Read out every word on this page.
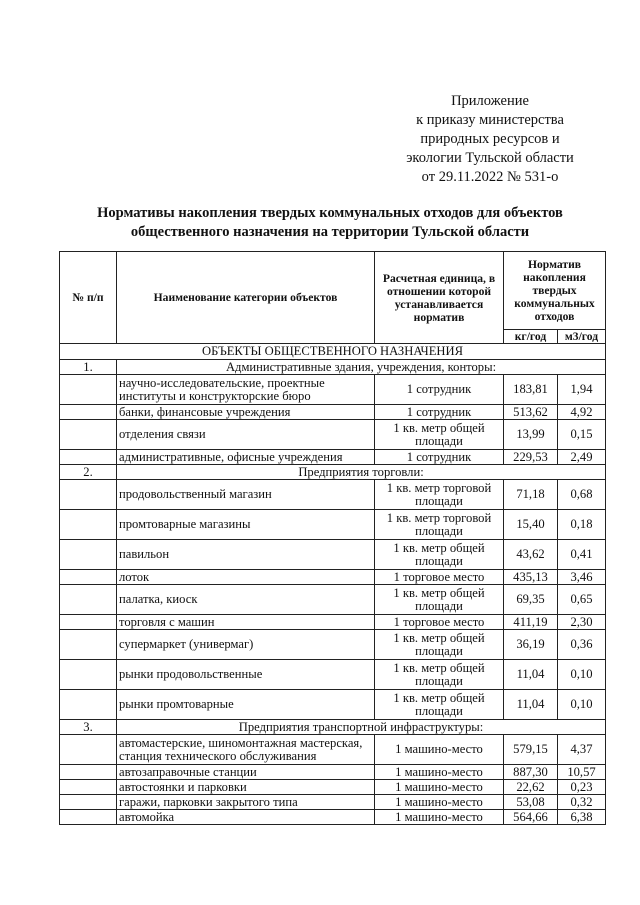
Приложение
к приказу министерства
природных ресурсов и
экологии Тульской области
от 29.11.2022 № 531-о
Нормативы накопления твердых коммунальных отходов для объектов
общественного назначения на территории Тульской области
№ п/п	Наименование категории объектов	Расчетная единица, в отношении которой устанавливается норматив	Норматив накопления твердых коммунальных отходов	
			кг/год	м3/год
ОБЪЕКТЫ ОБЩЕСТВЕННОГО НАЗНАЧЕНИЯ				
1.	Административные здания, учреждения, конторы:			
	научно-исследовательские, проектные институты и конструкторские бюро	1 сотрудник	183,81	1,94
	банки, финансовые учреждения	1 сотрудник	513,62	4,92
	отделения связи	1 кв. метр общей площади	13,99	0,15
	административные, офисные учреждения	1 сотрудник	229,53	2,49
2.	Предприятия торговли:			
	продовольственный магазин	1 кв. метр торговой площади	71,18	0,68
	промтоварные магазины	1 кв. метр торговой площади	15,40	0,18
	павильон	1 кв. метр общей площади	43,62	0,41
	лоток	1 торговое место	435,13	3,46
	палатка, киоск	1 кв. метр общей площади	69,35	0,65
	торговля с машин	1 торговое место	411,19	2,30
	супермаркет (универмаг)	1 кв. метр общей площади	36,19	0,36
	рынки продовольственные	1 кв. метр общей площади	11,04	0,10
	рынки промтоварные	1 кв. метр общей площади	11,04	0,10
3.	Предприятия транспортной инфраструктуры:			
	автомастерские, шиномонтажная мастерская, станция технического обслуживания	1 машино-место	579,15	4,37
	автозаправочные станции	1 машино-место	887,30	10,57
	автостоянки и парковки	1 машино-место	22,62	0,23
	гаражи, парковки закрытого типа	1 машино-место	53,08	0,32
	автомойка	1 машино-место	564,66	6,38
